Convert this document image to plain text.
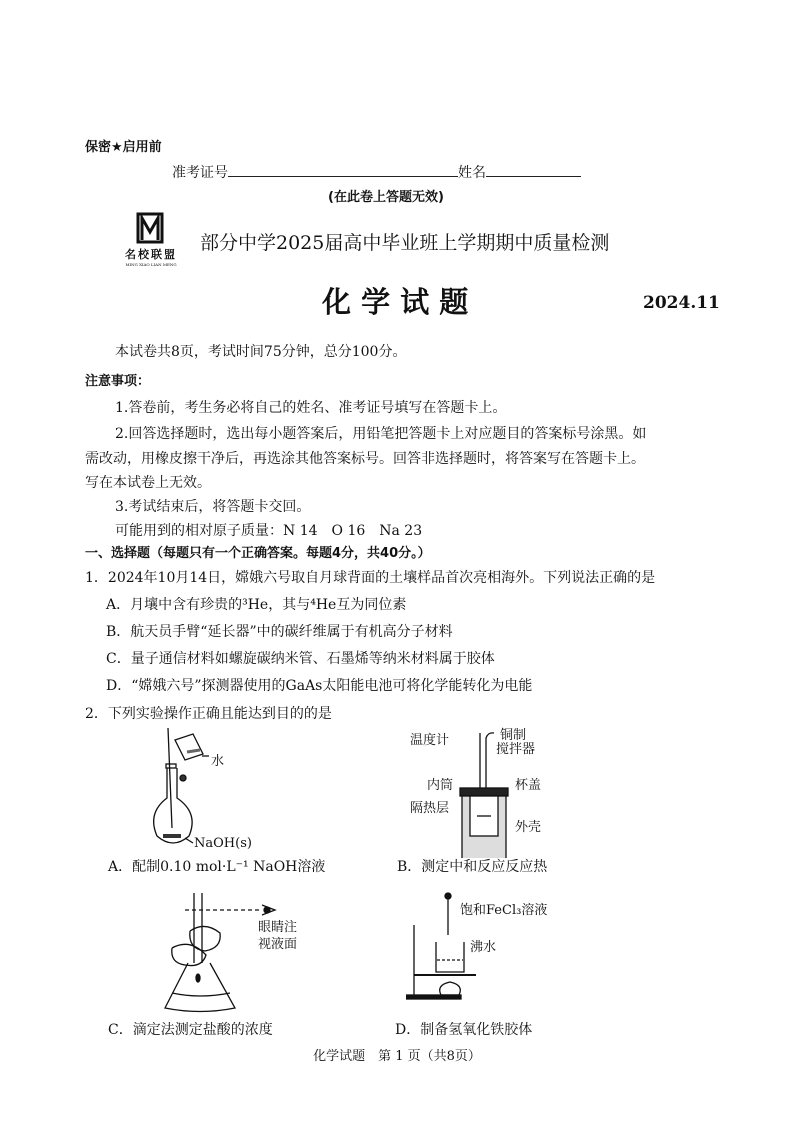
保密★启用前
准考证号	姓名
(在此卷上答题无效)
名校联盟
MING XIAO LIAN MENG
部分中学2025届高中毕业班上学期期中质量检测
化 学 试 题	2024.11
本试卷共8页，考试时间75分钟，总分100分。
注意事项：
1.答卷前，考生务必将自己的姓名、准考证号填写在答题卡上。
2.回答选择题时，选出每小题答案后，用铅笔把答题卡上对应题目的答案标号涂黑。如
需改动，用橡皮擦干净后，再选涂其他答案标号。回答非选择题时，将答案写在答题卡上。
写在本试卷上无效。
3.考试结束后，将答题卡交回。
可能用到的相对原子质量：N 14　O 16　Na 23
一、选择题（每题只有一个正确答案。每题4分，共40分。）
1．2024年10月14日，嫦娥六号取自月球背面的土壤样品首次亮相海外。下列说法正确的是
A．月壤中含有珍贵的³He，其与⁴He互为同位素
B．航天员手臂“延长器”中的碳纤维属于有机高分子材料
C．量子通信材料如螺旋碳纳米管、石墨烯等纳米材料属于胶体
D．“嫦娥六号”探测器使用的GaAs太阳能电池可将化学能转化为电能
2．下列实验操作正确且能达到目的的是
水
NaOH(s)
A．配制0.10 mol·L⁻¹ NaOH溶液
温度计	铜制
搅拌器
内筒	杯盖
隔热层
外壳
B．测定中和反应反应热
眼睛注
视液面
C．滴定法测定盐酸的浓度
饱和FeCl₃溶液
沸水
D．制备氢氧化铁胶体
化学试题　第 1 页（共8页）
